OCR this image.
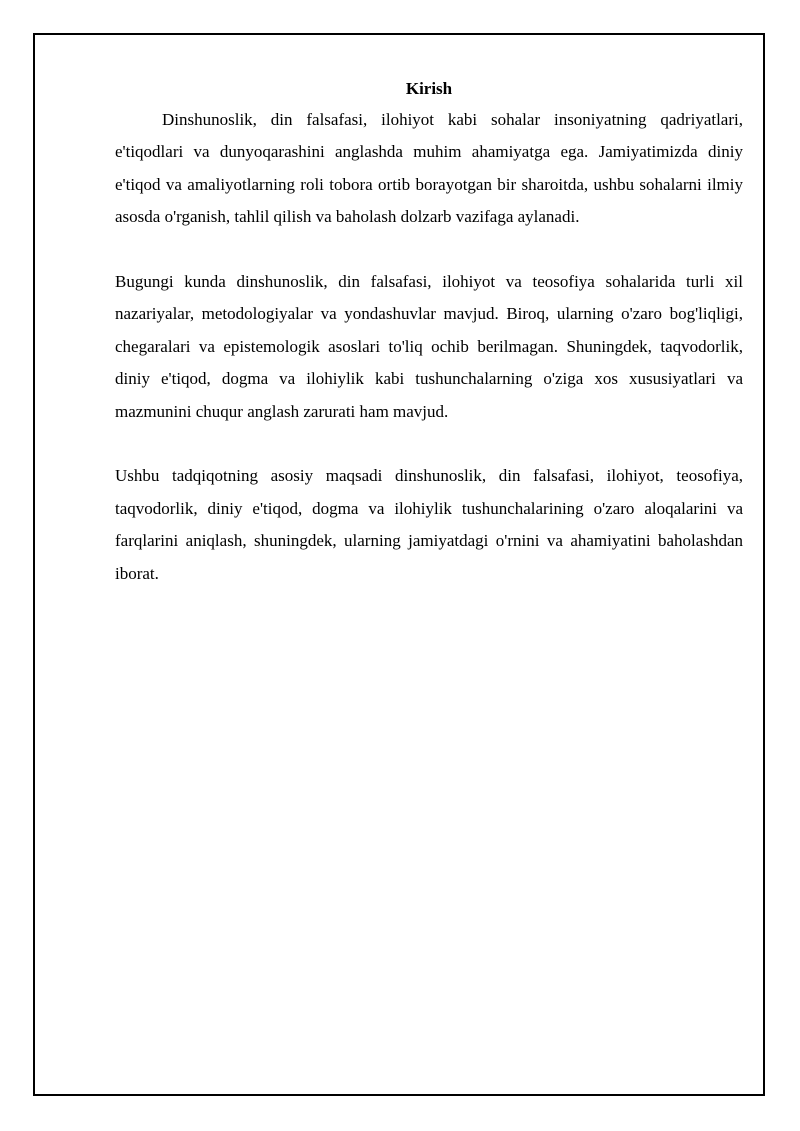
Kirish

Dinshunoslik, din falsafasi, ilohiyot kabi sohalar insoniyatning qadriyatlari, e'tiqodlari va dunyoqarashini anglashda muhim ahamiyatga ega. Jamiyatimizda diniy e'tiqod va amaliyotlarning roli tobora ortib borayotgan bir sharoitda, ushbu sohalarni ilmiy asosda o'rganish, tahlil qilish va baholash dolzarb vazifaga aylanadi.

Bugungi kunda dinshunoslik, din falsafasi, ilohiyot va teosofiya sohalarida turli xil nazariyalar, metodologiyalar va yondashuvlar mavjud. Biroq, ularning o'zaro bog'liqligi, chegaralari va epistemologik asoslari to'liq ochib berilmagan. Shuningdek, taqvodorlik, diniy e'tiqod, dogma va ilohiylik kabi tushunchalarning o'ziga xos xususiyatlari va mazmunini chuqur anglash zarurati ham mavjud.

Ushbu tadqiqotning asosiy maqsadi dinshunoslik, din falsafasi, ilohiyot, teosofiya, taqvodorlik, diniy e'tiqod, dogma va ilohiylik tushunchalarining o'zaro aloqalarini va farqlarini aniqlash, shuningdek, ularning jamiyatdagi o'rnini va ahamiyatini baholashdan iborat.
